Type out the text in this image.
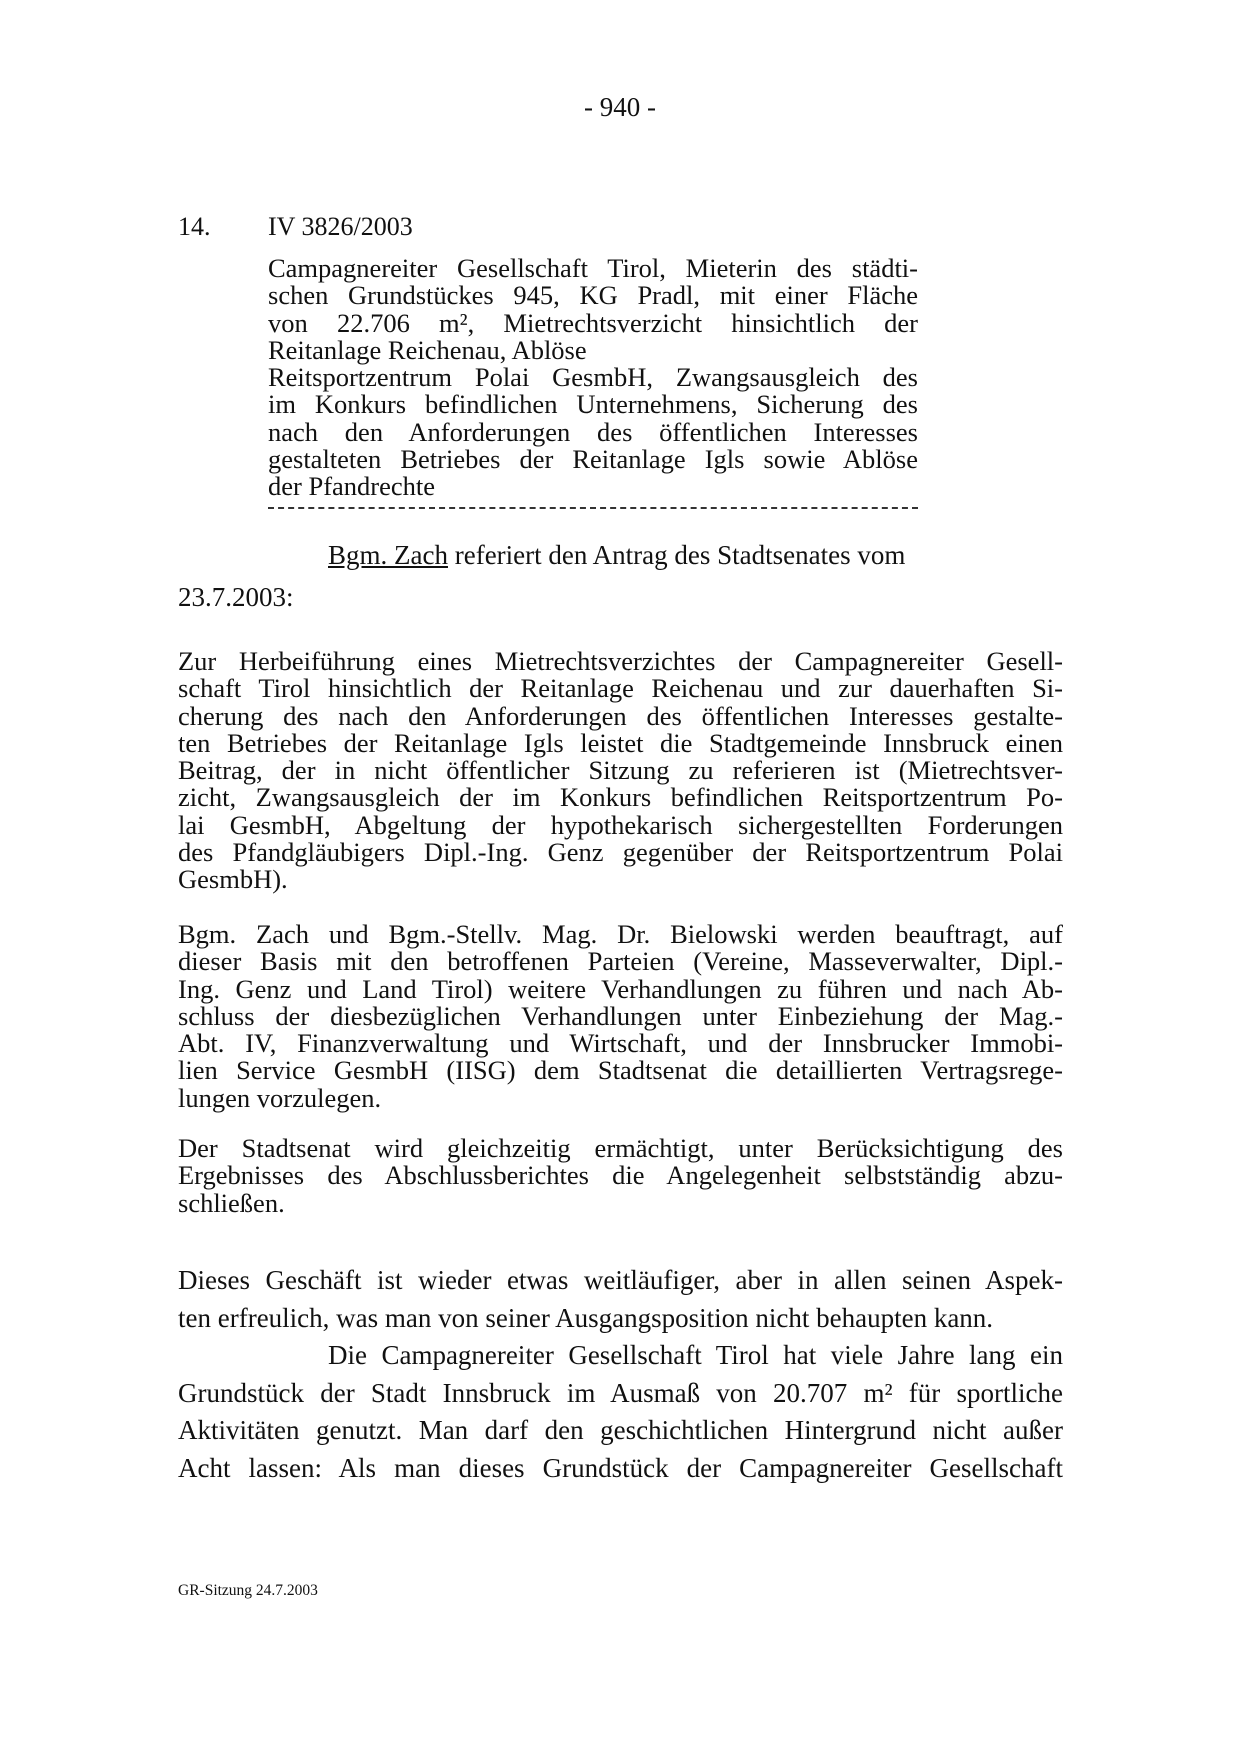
- 940 -
14. IV 3826/2003
Campagnereiter Gesellschaft Tirol, Mieterin des städti-
schen Grundstückes 945, KG Pradl, mit einer Fläche
von 22.706 m², Mietrechtsverzicht hinsichtlich der
Reitanlage Reichenau, Ablöse
Reitsportzentrum Polai GesmbH, Zwangsausgleich des
im Konkurs befindlichen Unternehmens, Sicherung des
nach den Anforderungen des öffentlichen Interesses
gestalteten Betriebes der Reitanlage Igls sowie Ablöse
der Pfandrechte
Bgm. Zach referiert den Antrag des Stadtsenates vom
23.7.2003:
Zur Herbeiführung eines Mietrechtsverzichtes der Campagnereiter Gesell-
schaft Tirol hinsichtlich der Reitanlage Reichenau und zur dauerhaften Si-
cherung des nach den Anforderungen des öffentlichen Interesses gestalte-
ten Betriebes der Reitanlage Igls leistet die Stadtgemeinde Innsbruck einen
Beitrag, der in nicht öffentlicher Sitzung zu referieren ist (Mietrechtsver-
zicht, Zwangsausgleich der im Konkurs befindlichen Reitsportzentrum Po-
lai GesmbH, Abgeltung der hypothekarisch sichergestellten Forderungen
des Pfandgläubigers Dipl.-Ing. Genz gegenüber der Reitsportzentrum Polai
GesmbH).
Bgm. Zach und Bgm.-Stellv. Mag. Dr. Bielowski werden beauftragt, auf
dieser Basis mit den betroffenen Parteien (Vereine, Masseverwalter, Dipl.-
Ing. Genz und Land Tirol) weitere Verhandlungen zu führen und nach Ab-
schluss der diesbezüglichen Verhandlungen unter Einbeziehung der Mag.-
Abt. IV, Finanzverwaltung und Wirtschaft, und der Innsbrucker Immobi-
lien Service GesmbH (IISG) dem Stadtsenat die detaillierten Vertragsrege-
lungen vorzulegen.
Der Stadtsenat wird gleichzeitig ermächtigt, unter Berücksichtigung des
Ergebnisses des Abschlussberichtes die Angelegenheit selbstständig abzu-
schließen.
Dieses Geschäft ist wieder etwas weitläufiger, aber in allen seinen Aspek-
ten erfreulich, was man von seiner Ausgangsposition nicht behaupten kann.
Die Campagnereiter Gesellschaft Tirol hat viele Jahre lang ein
Grundstück der Stadt Innsbruck im Ausmaß von 20.707 m² für sportliche
Aktivitäten genutzt. Man darf den geschichtlichen Hintergrund nicht außer
Acht lassen: Als man dieses Grundstück der Campagnereiter Gesellschaft
GR-Sitzung 24.7.2003
